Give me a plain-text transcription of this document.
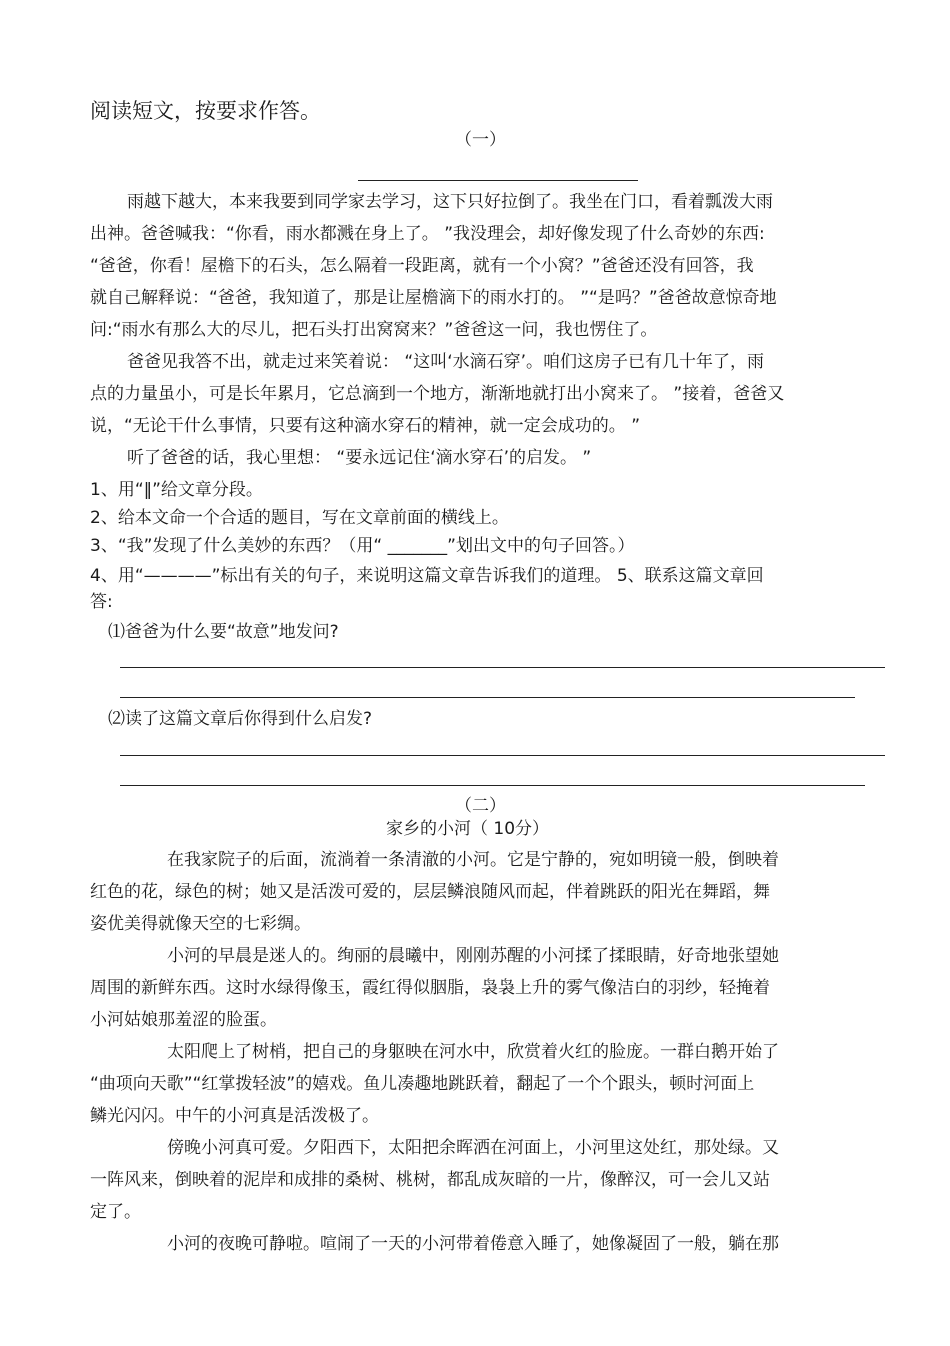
阅读短文，按要求作答。
（一）
雨越下越大，本来我要到同学家去学习，这下只好拉倒了。我坐在门口，看着瓢泼大雨
出神。爸爸喊我：“你看，雨水都溅在身上了。 ”我没理会，却好像发现了什么奇妙的东西:
“爸爸，你看！屋檐下的石头，怎么隔着一段距离，就有一个小窝？”爸爸还没有回答，我
就自己解释说：“爸爸，我知道了，那是让屋檐滴下的雨水打的。 ”“是吗？”爸爸故意惊奇地
问:“雨水有那么大的尽儿，把石头打出窝窝来？”爸爸这一问，我也愣住了。
爸爸见我答不出，就走过来笑着说： “这叫‘水滴石穿’。咱们这房子已有几十年了，雨
点的力量虽小，可是长年累月，它总滴到一个地方，渐渐地就打出小窝来了。 ”接着，爸爸又
说，“无论干什么事情，只要有这种滴水穿石的精神，就一定会成功的。 ”
听了爸爸的话，我心里想： “要永远记住‘滴水穿石’的启发。 ”
1、用“‖”给文章分段。
2、给本文命一个合适的题目，写在文章前面的横线上。
3、“我”发现了什么美妙的东西？（用“ _______”划出文中的句子回答。）
4、用“————”标出有关的句子，来说明这篇文章告诉我们的道理。 5、联系这篇文章回
答:
⑴爸爸为什么要“故意”地发问?
⑵读了这篇文章后你得到什么启发?
（二）
家乡的小河（ 10分）
在我家院子的后面，流淌着一条清澈的小河。它是宁静的，宛如明镜一般，倒映着
红色的花，绿色的树；她又是活泼可爱的，层层鳞浪随风而起，伴着跳跃的阳光在舞蹈，舞
姿优美得就像天空的七彩绸。
小河的早晨是迷人的。绚丽的晨曦中，刚刚苏醒的小河揉了揉眼睛，好奇地张望她
周围的新鲜东西。这时水绿得像玉，霞红得似胭脂，袅袅上升的雾气像洁白的羽纱，轻掩着
小河姑娘那羞涩的脸蛋。
太阳爬上了树梢，把自己的身躯映在河水中，欣赏着火红的脸庞。一群白鹅开始了
“曲项向天歌”“红掌拨轻波”的嬉戏。鱼儿凑趣地跳跃着，翻起了一个个跟头，顿时河面上
鳞光闪闪。中午的小河真是活泼极了。
傍晚小河真可爱。夕阳西下，太阳把余晖洒在河面上，小河里这处红，那处绿。又
一阵风来，倒映着的泥岸和成排的桑树、桃树，都乱成灰暗的一片，像醉汉，可一会儿又站
定了。
小河的夜晚可静啦。喧闹了一天的小河带着倦意入睡了，她像凝固了一般，躺在那
